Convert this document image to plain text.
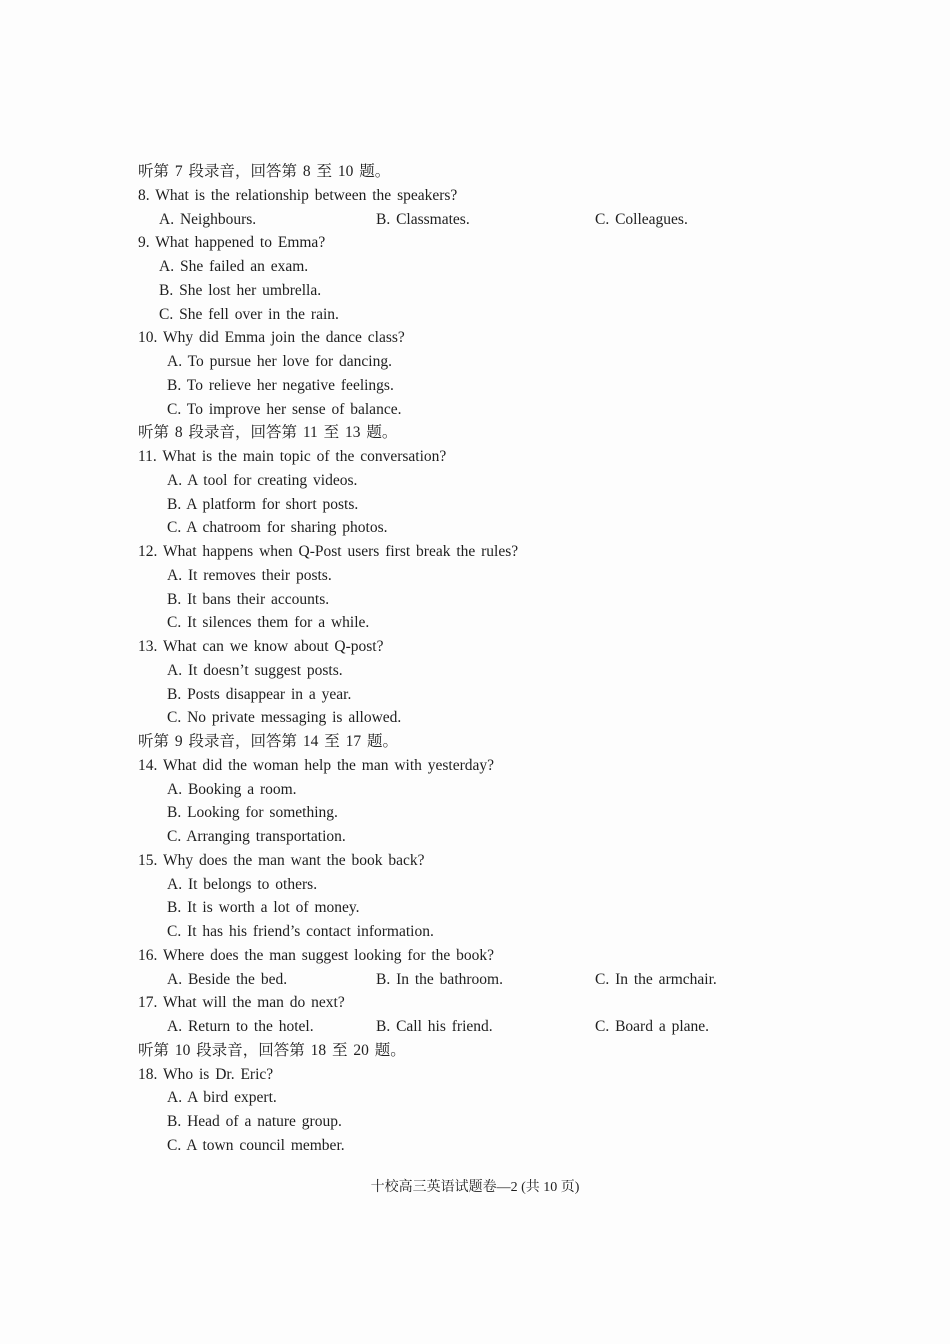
听第 7 段录音，回答第 8 至 10 题。
8. What is the relationship between the speakers?
A. Neighbours.	B. Classmates.	C. Colleagues.
9. What happened to Emma?
A. She failed an exam.
B. She lost her umbrella.
C. She fell over in the rain.
10. Why did Emma join the dance class?
A. To pursue her love for dancing.
B. To relieve her negative feelings.
C. To improve her sense of balance.
听第 8 段录音，回答第 11 至 13 题。
11. What is the main topic of the conversation?
A. A tool for creating videos.
B. A platform for short posts.
C. A chatroom for sharing photos.
12. What happens when Q-Post users first break the rules?
A. It removes their posts.
B. It bans their accounts.
C. It silences them for a while.
13. What can we know about Q-post?
A. It doesn’t suggest posts.
B. Posts disappear in a year.
C. No private messaging is allowed.
听第 9 段录音，回答第 14 至 17 题。
14. What did the woman help the man with yesterday?
A. Booking a room.
B. Looking for something.
C. Arranging transportation.
15. Why does the man want the book back?
A. It belongs to others.
B. It is worth a lot of money.
C. It has his friend’s contact information.
16. Where does the man suggest looking for the book?
A. Beside the bed.	B. In the bathroom.	C. In the armchair.
17. What will the man do next?
A. Return to the hotel.	B. Call his friend.	C. Board a plane.
听第 10 段录音，回答第 18 至 20 题。
18. Who is Dr. Eric?
A. A bird expert.
B. Head of a nature group.
C. A town council member.
十校高三英语试题卷—2 (共 10 页)
